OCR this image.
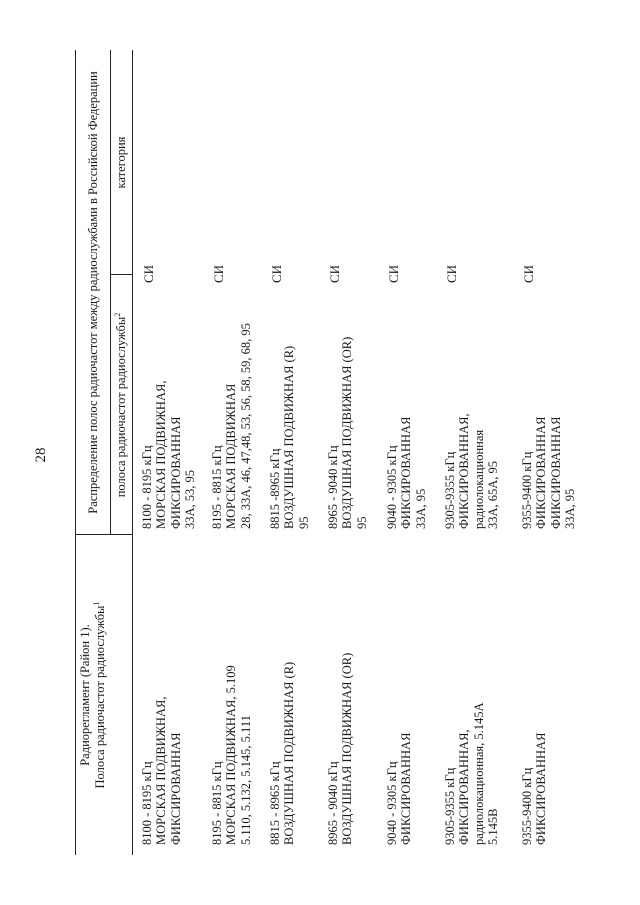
28
Радиорегламент (Район 1). Полоса радиочастот радиослужбы$^1$
Распределение полос радиочастот между радиослужбами в Российской Федерации полоса радиочастот радиослужбы$^2$
категория
8100 - 8195 кГц МОРСКАЯ ПОДВИЖНАЯ, ФИКСИРОВАННАЯ
8100 - 8195 кГц МОРСКАЯ ПОДВИЖНАЯ, ФИКСИРОВАННАЯ 33А, 53, 95
СИ
8195 - 8815 кГц МОРСКАЯ ПОДВИЖНАЯ, 5.109 5.110, 5.132, 5.145, 5.111
8195 - 8815 кГц МОРСКАЯ ПОДВИЖНАЯ 28, 33А, 46, 47,48, 53, 56, 58, 59, 68, 95
СИ
8815 - 8965 кГц ВОЗДУШНАЯ ПОДВИЖНАЯ (R)
8815 -8965 кГц ВОЗДУШНАЯ ПОДВИЖНАЯ (R) 95
СИ
8965 - 9040 кГц ВОЗДУШНАЯ ПОДВИЖНАЯ (OR)
8965 - 9040 кГц ВОЗДУШНАЯ ПОДВИЖНАЯ (OR) 95
СИ
9040 - 9305 кГц ФИКСИРОВАННАЯ
9040 - 9305 кГц ФИКСИРОВАННАЯ 33А, 95
СИ
9305-9355 кГц ФИКСИРОВАННАЯ, радиолокационная, 5.145А 5.145В
9305-9355 кГц ФИКСИРОВАННАЯ, радиолокационная 33А, 65А, 95
СИ
9355-9400 кГц ФИКСИРОВАННАЯ
9355-9400 кГц ФИКСИРОВАННАЯ ФИКСИРОВАННАЯ 33А, 95
СИ
